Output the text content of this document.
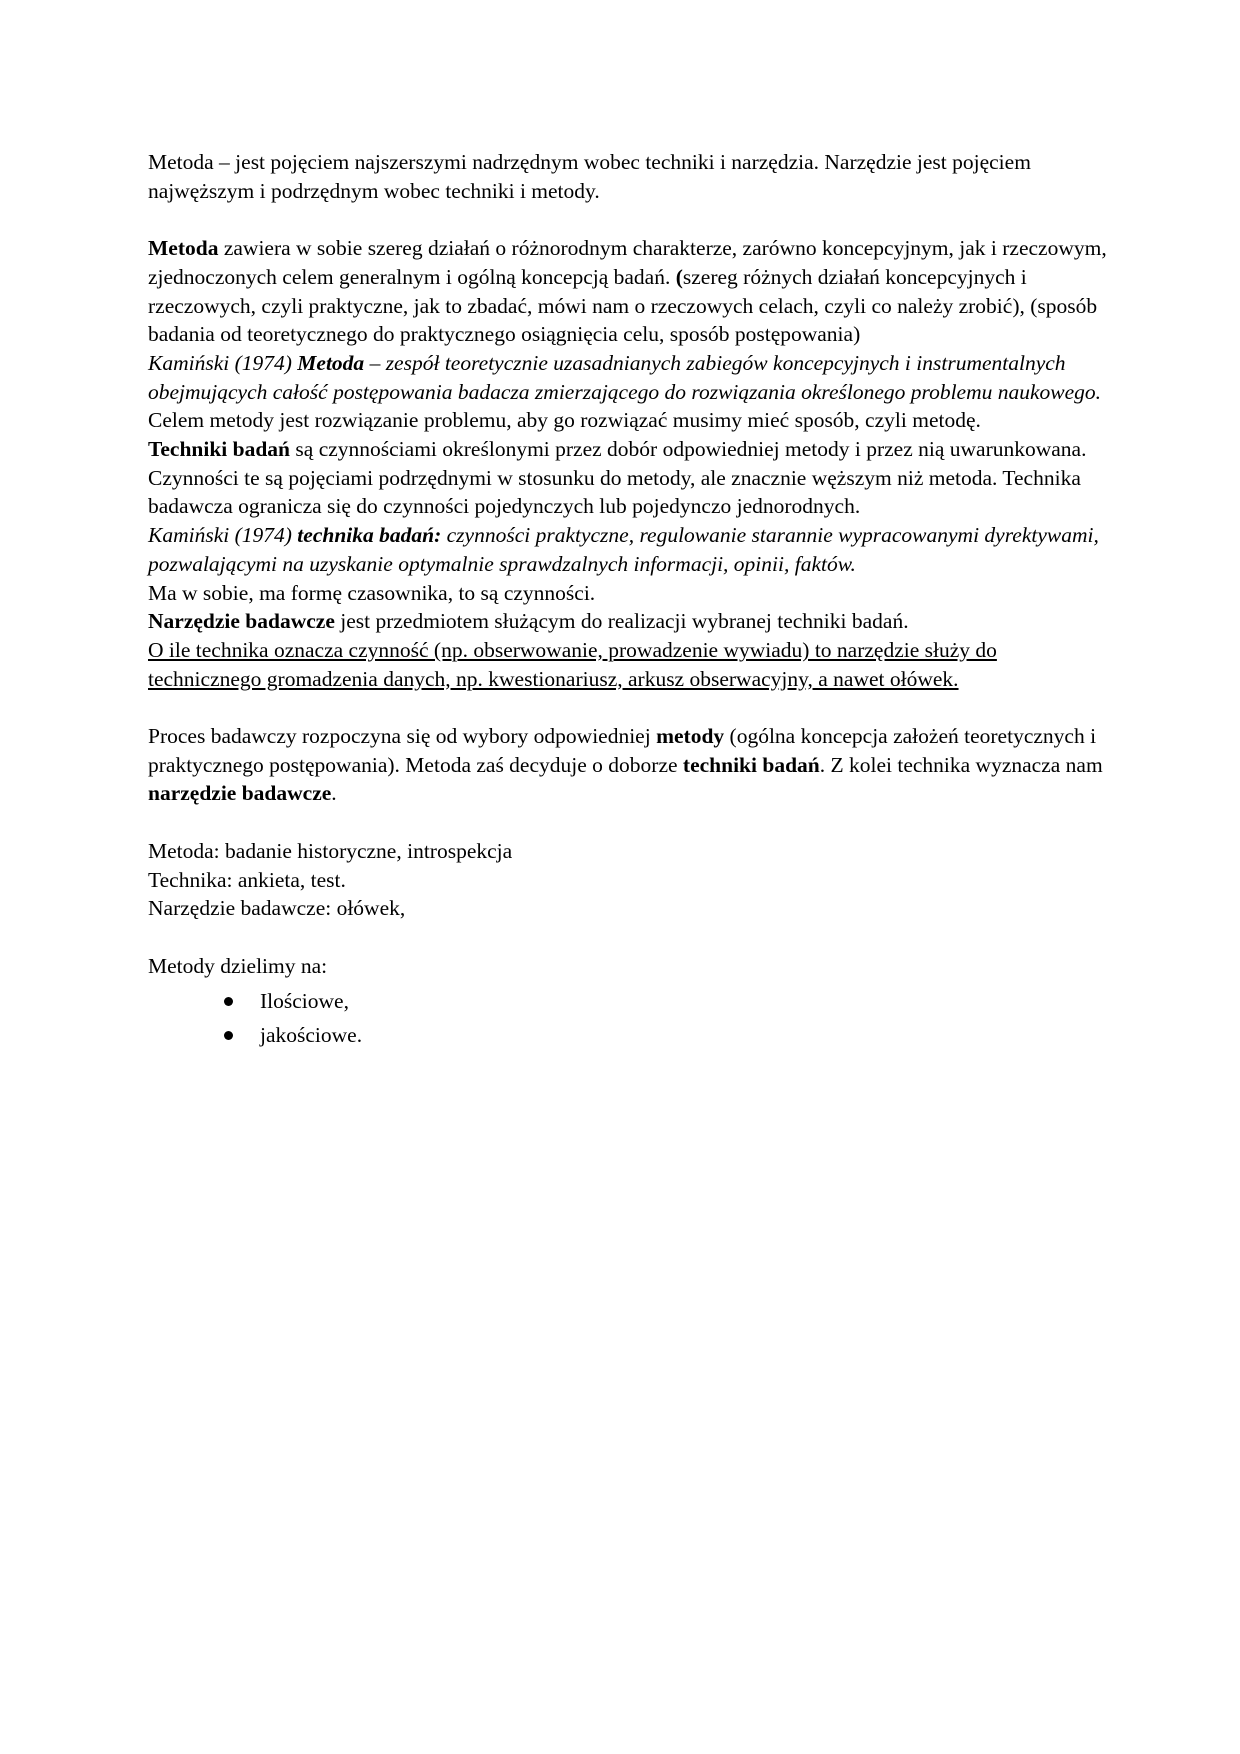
Metoda – jest pojęciem najszerszymi nadrzędnym wobec techniki i narzędzia. Narzędzie jest pojęciem najwęższym i podrzędnym wobec techniki i metody.

Metoda zawiera w sobie szereg działań o różnorodnym charakterze, zarówno koncepcyjnym, jak i rzeczowym, zjednoczonych celem generalnym i ogólną koncepcją badań. (szereg różnych działań koncepcyjnych i rzeczowych, czyli praktyczne, jak to zbadać, mówi nam o rzeczowych celach, czyli co należy zrobić), (sposób badania od teoretycznego do praktycznego osiągnięcia celu, sposób postępowania)

Kamiński (1974) Metoda – zespół teoretycznie uzasadnianych zabiegów koncepcyjnych i instrumentalnych obejmujących całość postępowania badacza zmierzającego do rozwiązania określonego problemu naukowego.

Celem metody jest rozwiązanie problemu, aby go rozwiązać musimy mieć sposób, czyli metodę.

Techniki badań są czynnościami określonymi przez dobór odpowiedniej metody i przez nią uwarunkowana. Czynności te są pojęciami podrzędnymi w stosunku do metody, ale znacznie węższym niż metoda. Technika badawcza ogranicza się do czynności pojedynczych lub pojedynczo jednorodnych.

Kamiński (1974) technika badań: czynności praktyczne, regulowanie starannie wypracowanymi dyrektywami, pozwalającymi na uzyskanie optymalnie sprawdzalnych informacji, opinii, faktów.

Ma w sobie, ma formę czasownika, to są czynności.

Narzędzie badawcze jest przedmiotem służącym do realizacji wybranej techniki badań.

O ile technika oznacza czynność (np. obserwowanie, prowadzenie wywiadu) to narzędzie służy do technicznego gromadzenia danych, np. kwestionariusz, arkusz obserwacyjny, a nawet ołówek.

Proces badawczy rozpoczyna się od wybory odpowiedniej metody (ogólna koncepcja założeń teoretycznych i praktycznego postępowania). Metoda zaś decyduje o doborze techniki badań. Z kolei technika wyznacza nam narzędzie badawcze.

Metoda: badanie historyczne, introspekcja

Technika: ankieta, test.

Narzędzie badawcze: ołówek,

Metody dzielimy na:

Ilościowe,
jakościowe.
